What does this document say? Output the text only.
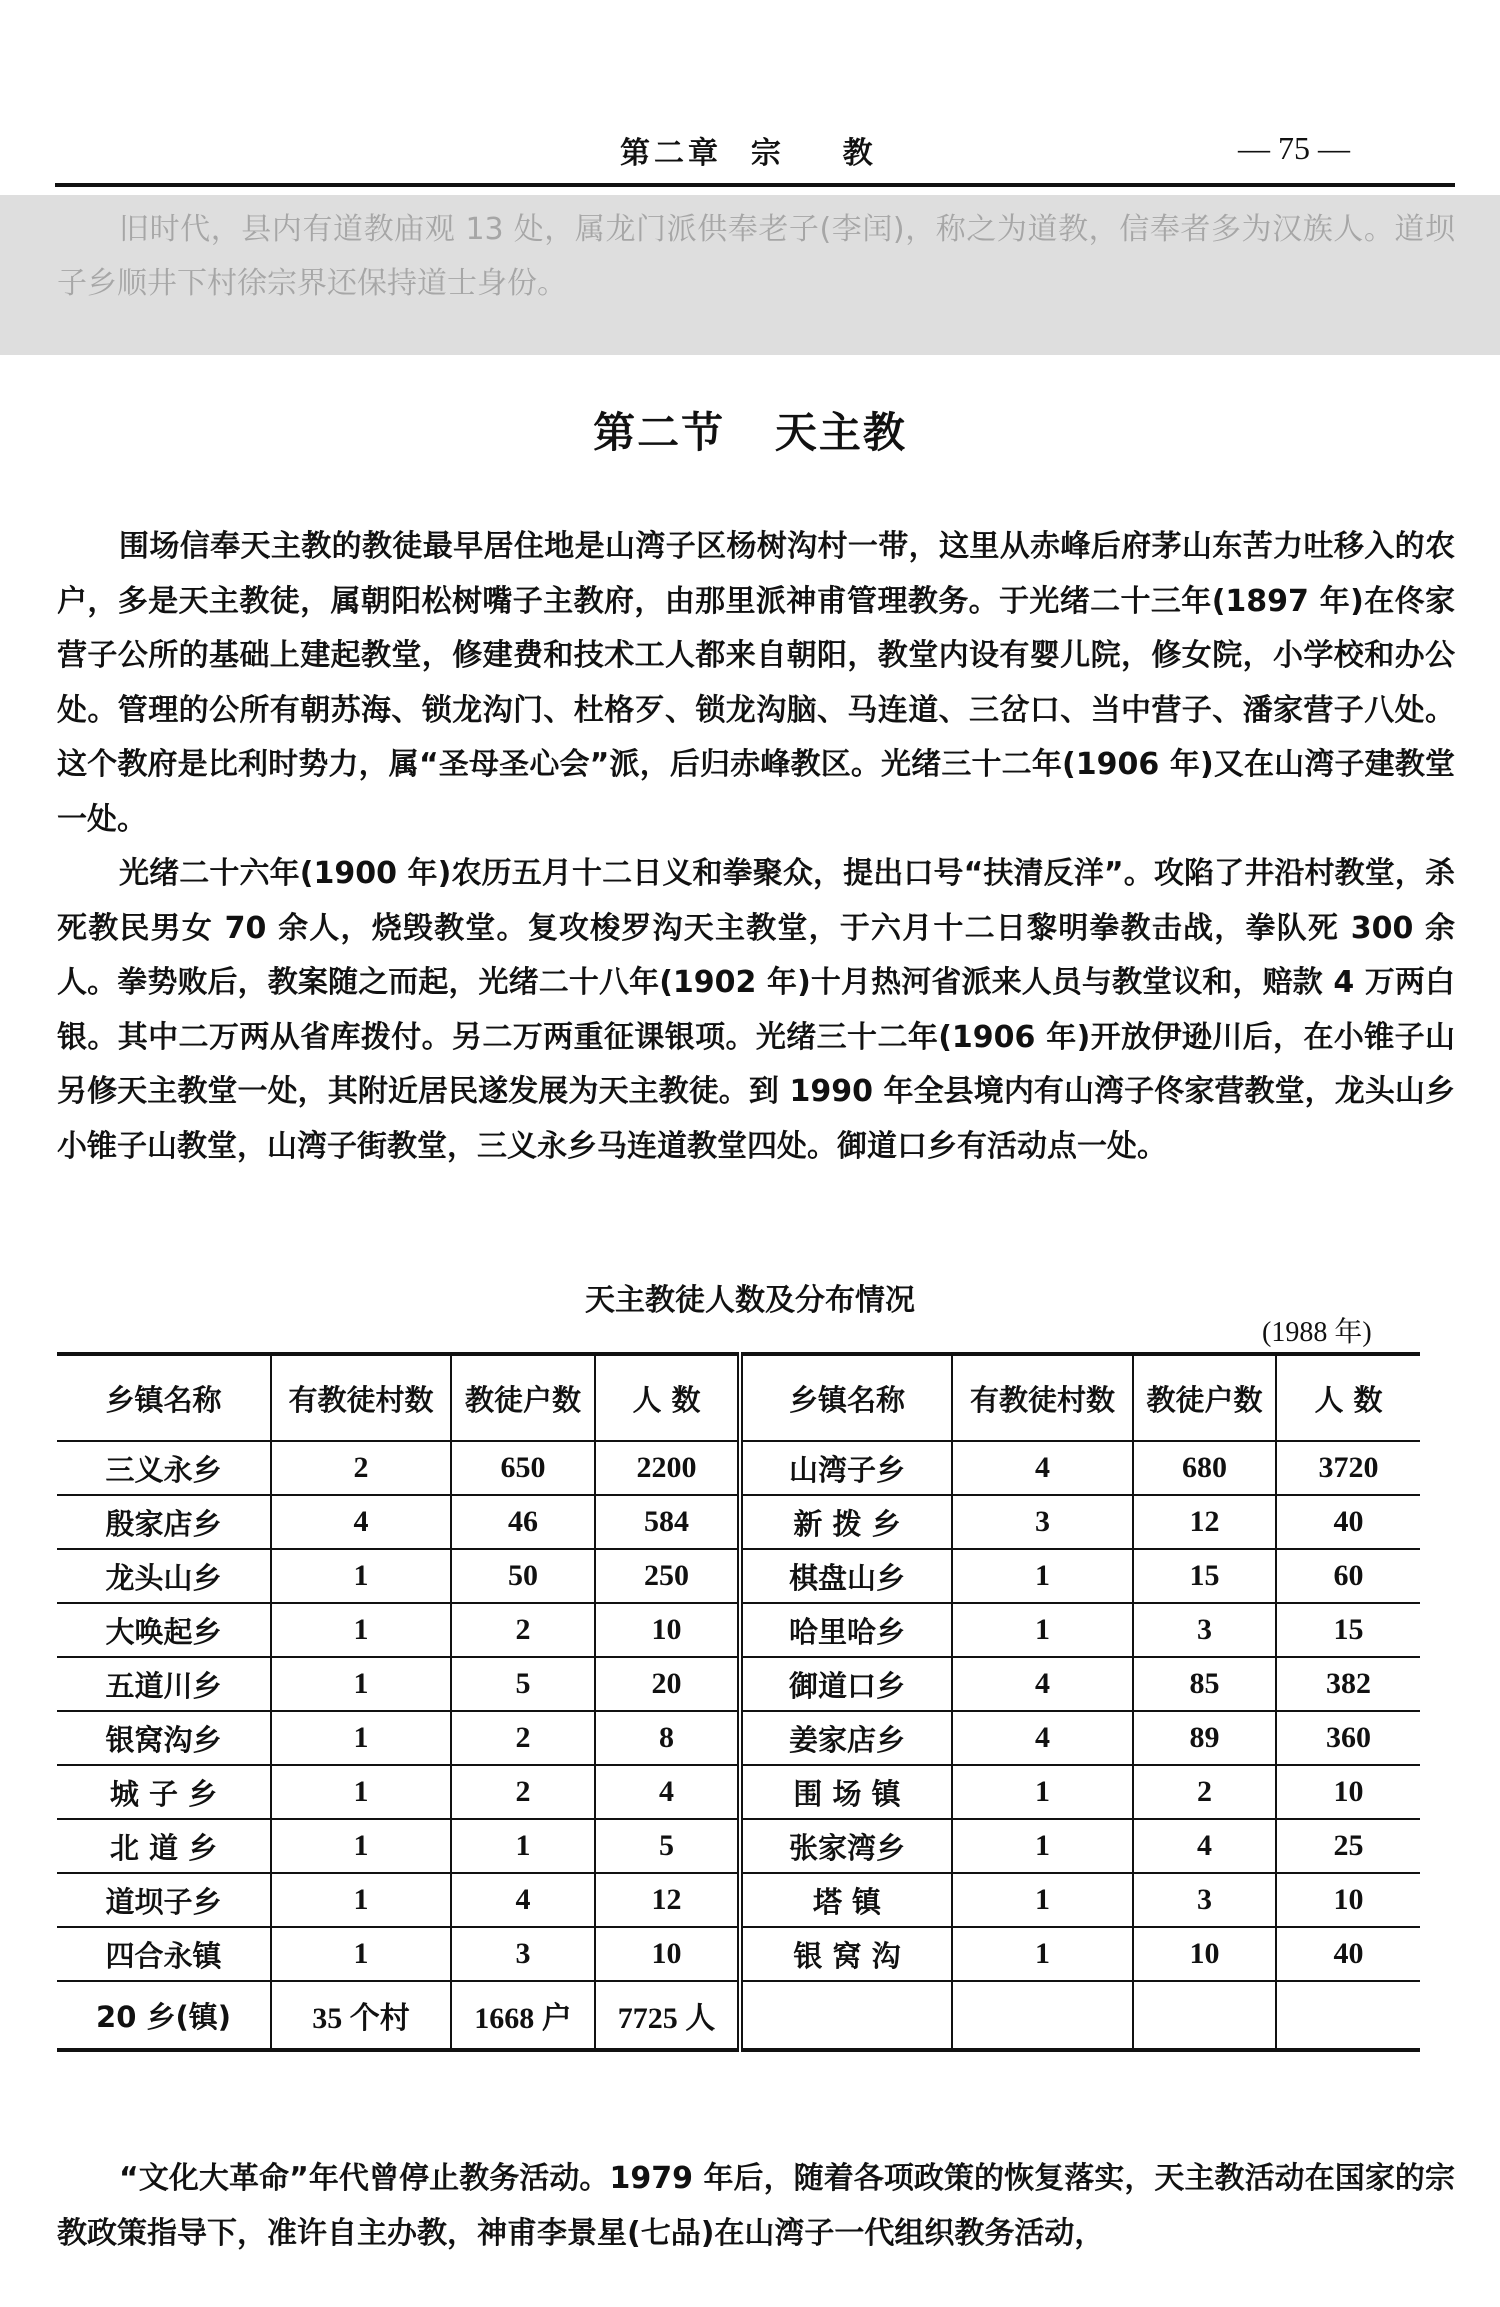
第二章  宗    教	— 75 —
旧时代，县内有道教庙观 13 处，属龙门派供奉老子(李闰)，称之为道教，信奉者多为汉族人。道坝子乡顺井下村徐宗界还保持道士身份。
第二节   天主教

围场信奉天主教的教徒最早居住地是山湾子区杨树沟村一带，这里从赤峰后府茅山东苦力吐移入的农户，多是天主教徒，属朝阳松树嘴子主教府，由那里派神甫管理教务。于光绪二十三年(1897 年)在佟家营子公所的基础上建起教堂，修建费和技术工人都来自朝阳，教堂内设有婴儿院，修女院，小学校和办公处。管理的公所有朝苏海、锁龙沟门、杜格歹、锁龙沟脑、马连道、三岔口、当中营子、潘家营子八处。这个教府是比利时势力，属“圣母圣心会”派，后归赤峰教区。光绪三十二年(1906 年)又在山湾子建教堂一处。

光绪二十六年(1900 年)农历五月十二日义和拳聚众，提出口号“扶清反洋”。攻陷了井沿村教堂，杀死教民男女 70 余人，烧毁教堂。复攻梭罗沟天主教堂，于六月十二日黎明拳教击战，拳队死 300 余人。拳势败后，教案随之而起，光绪二十八年(1902 年)十月热河省派来人员与教堂议和，赔款 4 万两白银。其中二万两从省库拨付。另二万两重征课银项。光绪三十二年(1906 年)开放伊逊川后，在小锥子山另修天主教堂一处，其附近居民遂发展为天主教徒。到 1990 年全县境内有山湾子佟家营教堂，龙头山乡小锥子山教堂，山湾子街教堂，三义永乡马连道教堂四处。御道口乡有活动点一处。

天主教徒人数及分布情况
(1988 年)
乡镇名称	有教徒村数	教徒户数	人 数	乡镇名称	有教徒村数	教徒户数	人 数
三义永乡	2	650	2200	山湾子乡	4	680	3720
殷家店乡	4	46	584	新 拨 乡	3	12	40
龙头山乡	1	50	250	棋盘山乡	1	15	60
大唤起乡	1	2	10	哈里哈乡	1	3	15
五道川乡	1	5	20	御道口乡	4	85	382
银窝沟乡	1	2	8	姜家店乡	4	89	360
城 子 乡	1	2	4	围 场 镇	1	2	10
北 道 乡	1	1	5	张家湾乡	1	4	25
道坝子乡	1	4	12	塔 镇	1	3	10
四合永镇	1	3	10	银 窝 沟	1	10	40
20 乡(镇)	35 个村	1668 户	7725 人				

“文化大革命”年代曾停止教务活动。1979 年后，随着各项政策的恢复落实，天主教活动在国家的宗教政策指导下，准许自主办教，神甫李景星(七品)在山湾子一代组织教务活动，
